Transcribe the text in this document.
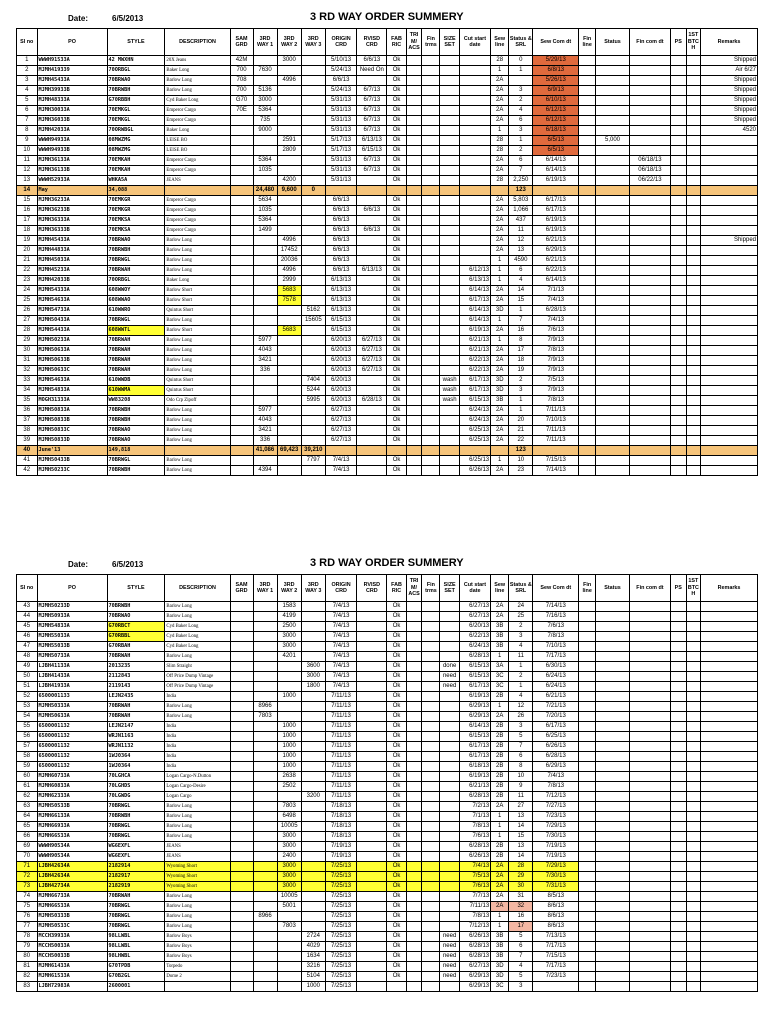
Date:	6/5/2013	3 RD WAY ORDER SUMMERY
SI no	PO	STYLE	DESCRIPTION	SAM GRD	3RD WAY 1	3RD WAY 2	3RD WAY 3	ORIGIN CRD	RVISD CRD	FAB RIC	TRI M/ ACS	Fin trms	SIZE SET	Cut start date	Sew line	Status & SRL	Sew Com dt	Fin line	Status	Fin com dt	PS	1ST BTC H	Remarks
1	WWWH91533A	42 MWXHN	20X Jeans	42M		3000		5/10/13	6/6/13	Ok					28	0	5/29/13						Shipped
2	MJMH419339	70ORBGL	Baker Long	700	7630			5/24/13	Need On	Ok					1	1	6/8/13						Air 6/27
3	MJMH45433A	70BRWAO	Barlow Long	708		4996		6/6/13		Ok					2A		5/26/13						Shipped
4	MJMH39933B	70BRWBH	Barlow Long	700	5136			5/24/13	6/7/13	Ok					2A	3	6/9/13						Shipped
5	MJMH48333A	G70RBBH	Cyd Baker Long	G70	3000			5/31/13	6/7/13	Ok					2A	2	6/10/13						Shipped
6	MJMH30033A	70EMKGL	Emperor Cargo	70E	5364			5/31/13	6/7/13	Ok					2A	4	6/12/13						Shipped
7	MJMH36033B	70EMKGL	Emperor Cargo		735			5/31/13	6/7/13	Ok					2A	6	6/12/13						Shipped
8	MJMH42033A	70ORWBGL	Baker Long		9000			5/31/13	6/7/13	Ok					1	3	6/18/13						4520
9	WWWH94933A	08MWZMG	LEISE BO			2591		5/17/13	6/13/13	Ok					28	1	6/5/13		5,000				
10	WWWH94933B	08MWZMG	LEISE BO			2809		5/17/13	6/15/13	Ok					28	2	6/5/13						
11	MJMH36133A	70EMKAH	Emperor Cargo		5364			5/31/13	6/7/13	Ok					2A	6	6/14/13			06/18/13			
12	MJMH36133B	70EMKAH	Emperor Cargo		1035			5/31/13	6/7/13	Ok					2A	7	6/14/13			06/18/13			
13	WWWH52933A	WHKA5A	JEANS			4200		5/31/13		Ok					28	2,250	6/19/13			06/22/13			
14	May	34,088			24,480	9,600	0									123							
15	MJMH36233A	70EMKGR	Emperor Cargo		5634			6/6/13		Ok					2A	5,803	6/17/13						
16	MJMH36233B	70EMKGR	Emperor Cargo		1035			6/6/13	6/6/13	Ok					2A	1,066	6/17/13						
17	MJMH36333A	70EMKSA	Emperor Cargo		5364			6/6/13		Ok					2A	437	6/19/13						
18	MJMH36333B	70EMKSA	Emperor Cargo		1499			6/6/13	6/6/13	Ok					2A	11	6/19/13						
19	MJMH45433A	70BRWAO	Barlow Long			4996		6/6/13		Ok					2A	12	6/21/13						Shipped
20	MJMH44833A	70BRWBH	Barlow Long			17452		6/6/13		Ok					2A	13	6/29/13						
21	MJMH45033A	70BRWGL	Barlow Long			20036		6/6/13		Ok					1	4590	6/21/13						
22	MJMH45233A	70BRWAH	Barlow Long			4996		6/6/13	6/13/13	Ok				6/12/13	1	6	6/22/13						
23	MJMH42033B	70ORBGL	Baker Long			2999		6/13/13		Ok				6/13/13	1	4	6/14/13						
24	MJMH54333A	608WWOY	Barlow Short			5683		6/13/13		Ok				6/14/13	2A	14	7/1/13						
25	MJMH54633A	608WWAO	Barlow Short			7578		6/13/13		Ok				6/17/13	2A	15	7/4/13						
26	MJMH54733A	610WWRO	Quintus Short				5162	6/13/13		Ok				6/14/13	3D	1	6/28/13						
27	MJMH50433A	70BRWGL	Barlow Long				15605	6/15/13		Ok				6/14/13	1	7	7/4/13						
28	MJMH54433A	608WWTL	Barlow Short			5683		6/15/13		Ok				6/19/13	2A	16	7/6/13						
29	MJMH50233A	70BRWAH	Barlow Long		5977			6/20/13	6/27/13	Ok				6/21/13	1	8	7/9/13						
30	MJMH50633A	70BRWAH	Barlow Long		4043			6/20/13	6/27/13	Ok				6/21/13	2A	17	7/8/13						
31	MJMH50633B	70BRWAH	Barlow Long		3421			6/20/13	6/27/13	Ok				6/22/13	2A	18	7/9/13						
32	MJMH50633C	70BRWAH	Barlow Long		336			6/20/13	6/27/13	Ok				6/22/13	2A	19	7/9/13						
33	MJMH54633A	610WWDB	Quintus Short				7404	6/20/13		Ok			wash	6/17/13	3D	2	7/5/13						
34	MJMH54833A	610WWMA	Quintus Short				5244	6/20/13		Ok			wash	6/17/13	3D	3	7/9/13						
35	MOGH31333A	WW83208	Odo Crp Zipoff				5995	6/20/13	6/28/13	Ok			wash	6/15/13	3B	1	7/8/13						
36	MJMH50833A	70BRWBH	Barlow Long		5977			6/27/13		Ok				6/24/13	2A	1	7/11/13						
37	MJMH50833B	70BRWBH	Barlow Long		4043			6/27/13		Ok				6/24/13	2A	20	7/10/13						
38	MJMH50833C	70BRWAO	Barlow Long		3421			6/27/13		Ok				6/25/13	2A	21	7/11/13						
39	MJMH50833D	70BRWAO	Barlow Long		336			6/27/13		Ok				6/25/13	2A	22	7/11/13						
40	June'13	149,818			41,086	69,423	39,210									123							
41	MJMH50433B	70BRWGL	Barlow Long				7797	7/4/13		Ok				6/25/13	1	10	7/15/13						
42	MJMH50233C	70BRWBH	Barlow Long		4394			7/4/13		Ok				6/26/13	2A	23	7/14/13						
Date:	6/5/2013	3 RD WAY ORDER SUMMERY
SI no	PO	STYLE	DESCRIPTION	SAM GRD	3RD WAY 1	3RD WAY 2	3RD WAY 3	ORIGIN CRD	RVISD CRD	FAB RIC	TRI M/ ACS	Fin trms	SIZE SET	Cut start date	Sew line	Status & SRL	Sew Com dt	Fin line	Status	Fin com dt	PS	1ST BTC H	Remarks
43	MJMH50233D	70BRWBH	Barlow Long			1583		7/4/13		Ok				6/27/13	2A	24	7/14/13						
44	MJMH50933A	70BRWAO	Barlow Long			4199		7/4/13		Ok				6/27/13	2A	25	7/16/13						
45	MJMH54833A	G70RBCT	Cyd Baker Long			2500		7/4/13		Ok				6/20/13	3B	2	7/6/13						
46	MJMH55033A	G70RBBL	Cyd Baker Long			3000		7/4/13		Ok				6/22/13	3B	3	7/8/13						
47	MJMH55033B	G70RBAH	Cyd Baker Long			3000		7/4/13		Ok				6/24/13	3B	4	7/10/13						
48	MJMH50733A	70BRWAH	Barlow Long			4201		7/4/13		Ok				6/28/13	1	11	7/17/13						
49	LJBH41133A	2013235	Slim Straight				3600	7/4/13		Ok			done	6/15/13	3A	1	6/30/13						
50	LJBH41433A	2112843	Off Price Dump Vintage				3000	7/4/13		Ok			need	6/15/13	3C	2	6/24/13						
51	LJBH41933A	2119143	Off Price Dump Vintage				1800	7/4/13		Ok			need	6/17/13	3C	1	6/24/13						
52	6500001133	LEJN2435	India			1000		7/11/13		Ok				6/19/13	2B	4	6/21/13						
53	MJMH50333A	70BRWAH	Barlow Long		8966			7/11/13		Ok				6/29/13	1	12	7/21/13						
54	MJMH50633A	70BRWAH	Barlow Long		7803			7/11/13		Ok				6/29/13	2A	26	7/20/13						
55	6500001132	LEJN2147	India			1000		7/11/13		Ok				6/14/13	2B	3	6/17/13						
56	6500001132	WRJN1163	India			1000		7/11/13		Ok				6/15/13	2B	5	6/25/13						
57	6500001132	WRJN1132	India			1000		7/11/13		Ok				6/17/13	2B	7	6/26/13						
58	6500001132	1WJ0364	India			1000		7/11/13		Ok				6/17/13	2B	6	6/28/13						
59	6500001132	1WJ0364	India			1000		7/11/13		Ok				6/18/13	2B	8	6/29/13						
60	MJMH60733A	70LGHCA	Logan Cargo-N.Dutton			2638		7/11/13		Ok				6/19/13	2B	10	7/4/13						
61	MJMH60833A	70LGHDS	Logan Cargo-Desire			2502		7/11/13		Ok				6/21/13	2B	9	7/8/13						
62	MJMH62333A	70LGWDG	Logan Cargo				3200	7/11/13		Ok				6/28/13	2B	11	7/12/13						
63	MJMH50533B	70BRWGL	Barlow Long			7803		7/18/13		Ok				7/2/13	2A	27	7/27/13						
64	MJMH66133A	70BRWBH	Barlow Long			6498		7/18/13		Ok				7/1/13	1	13	7/23/13						
65	MJMH66933A	70BRWGL	Barlow Long			10005		7/18/13		Ok				7/8/13	1	14	7/29/13						
66	MJMH66533A	70BRWGL	Barlow Long			3000		7/18/13		Ok				7/6/13	1	15	7/30/13						
69	WWWH90534A	WG6EXFL	JEANS			3000		7/19/13		Ok				6/28/13	2B	13	7/19/13						
70	WWWH90534A	WG6EXFL	JEANS			2400		7/19/13		Ok				6/26/13	2B	14	7/19/13						
71	LJBH42634A	2182914	Wyoming Short			3000		7/25/13		Ok				7/4/13	2A	28	7/29/13						
72	LJBH42634A	2182917	Wyoming Short			3000		7/25/13		Ok				7/5/13	2A	29	7/30/13						
73	LJBH42734A	2182919	Wyoming Short			3000		7/25/13		Ok				7/6/13	2A	30	7/31/13						
74	MJMH66733A	70BRWAH	Barlow Long			10005		7/25/13		Ok				7/7/13	2A	31	8/5/13						
75	MJMH66533A	70BRWGL	Barlow Long			5001		7/25/13		Ok				7/11/13	2A	32	8/6/13						
76	MJMH50333B	70BRWGL	Barlow Long		8966			7/25/13		Ok				7/8/13	1	16	8/6/13						
77	MJMH50533C	70BRWGL	Barlow Long			7803		7/25/13		Ok				7/12/13	1	17	8/6/13						
78	MCCH39933A	98LLWBL	Barlow Boys				2724	7/25/13		Ok			need	6/26/13	3B	5	7/13/13						
79	MCCH50033A	98LLWBL	Barlow Boys				4029	7/25/13		Ok			need	6/28/13	3B	6	7/17/13						
80	MCCH50033B	98LHWBL	Barlow Boys				1634	7/25/13		Ok			need	6/28/13	3B	7	7/15/13						
81	MJMH61433A	G70TPDB	Torpedo				3216	7/25/13		Ok			need	6/27/13	3D	4	7/17/13						
82	MJMH61533A	G70B2GL	Dome 2				5104	7/25/13		Ok			need	6/29/13	3D	5	7/23/13						
83	LJBH72983A	2600001					1000	7/25/13						6/29/13	3C	3							
